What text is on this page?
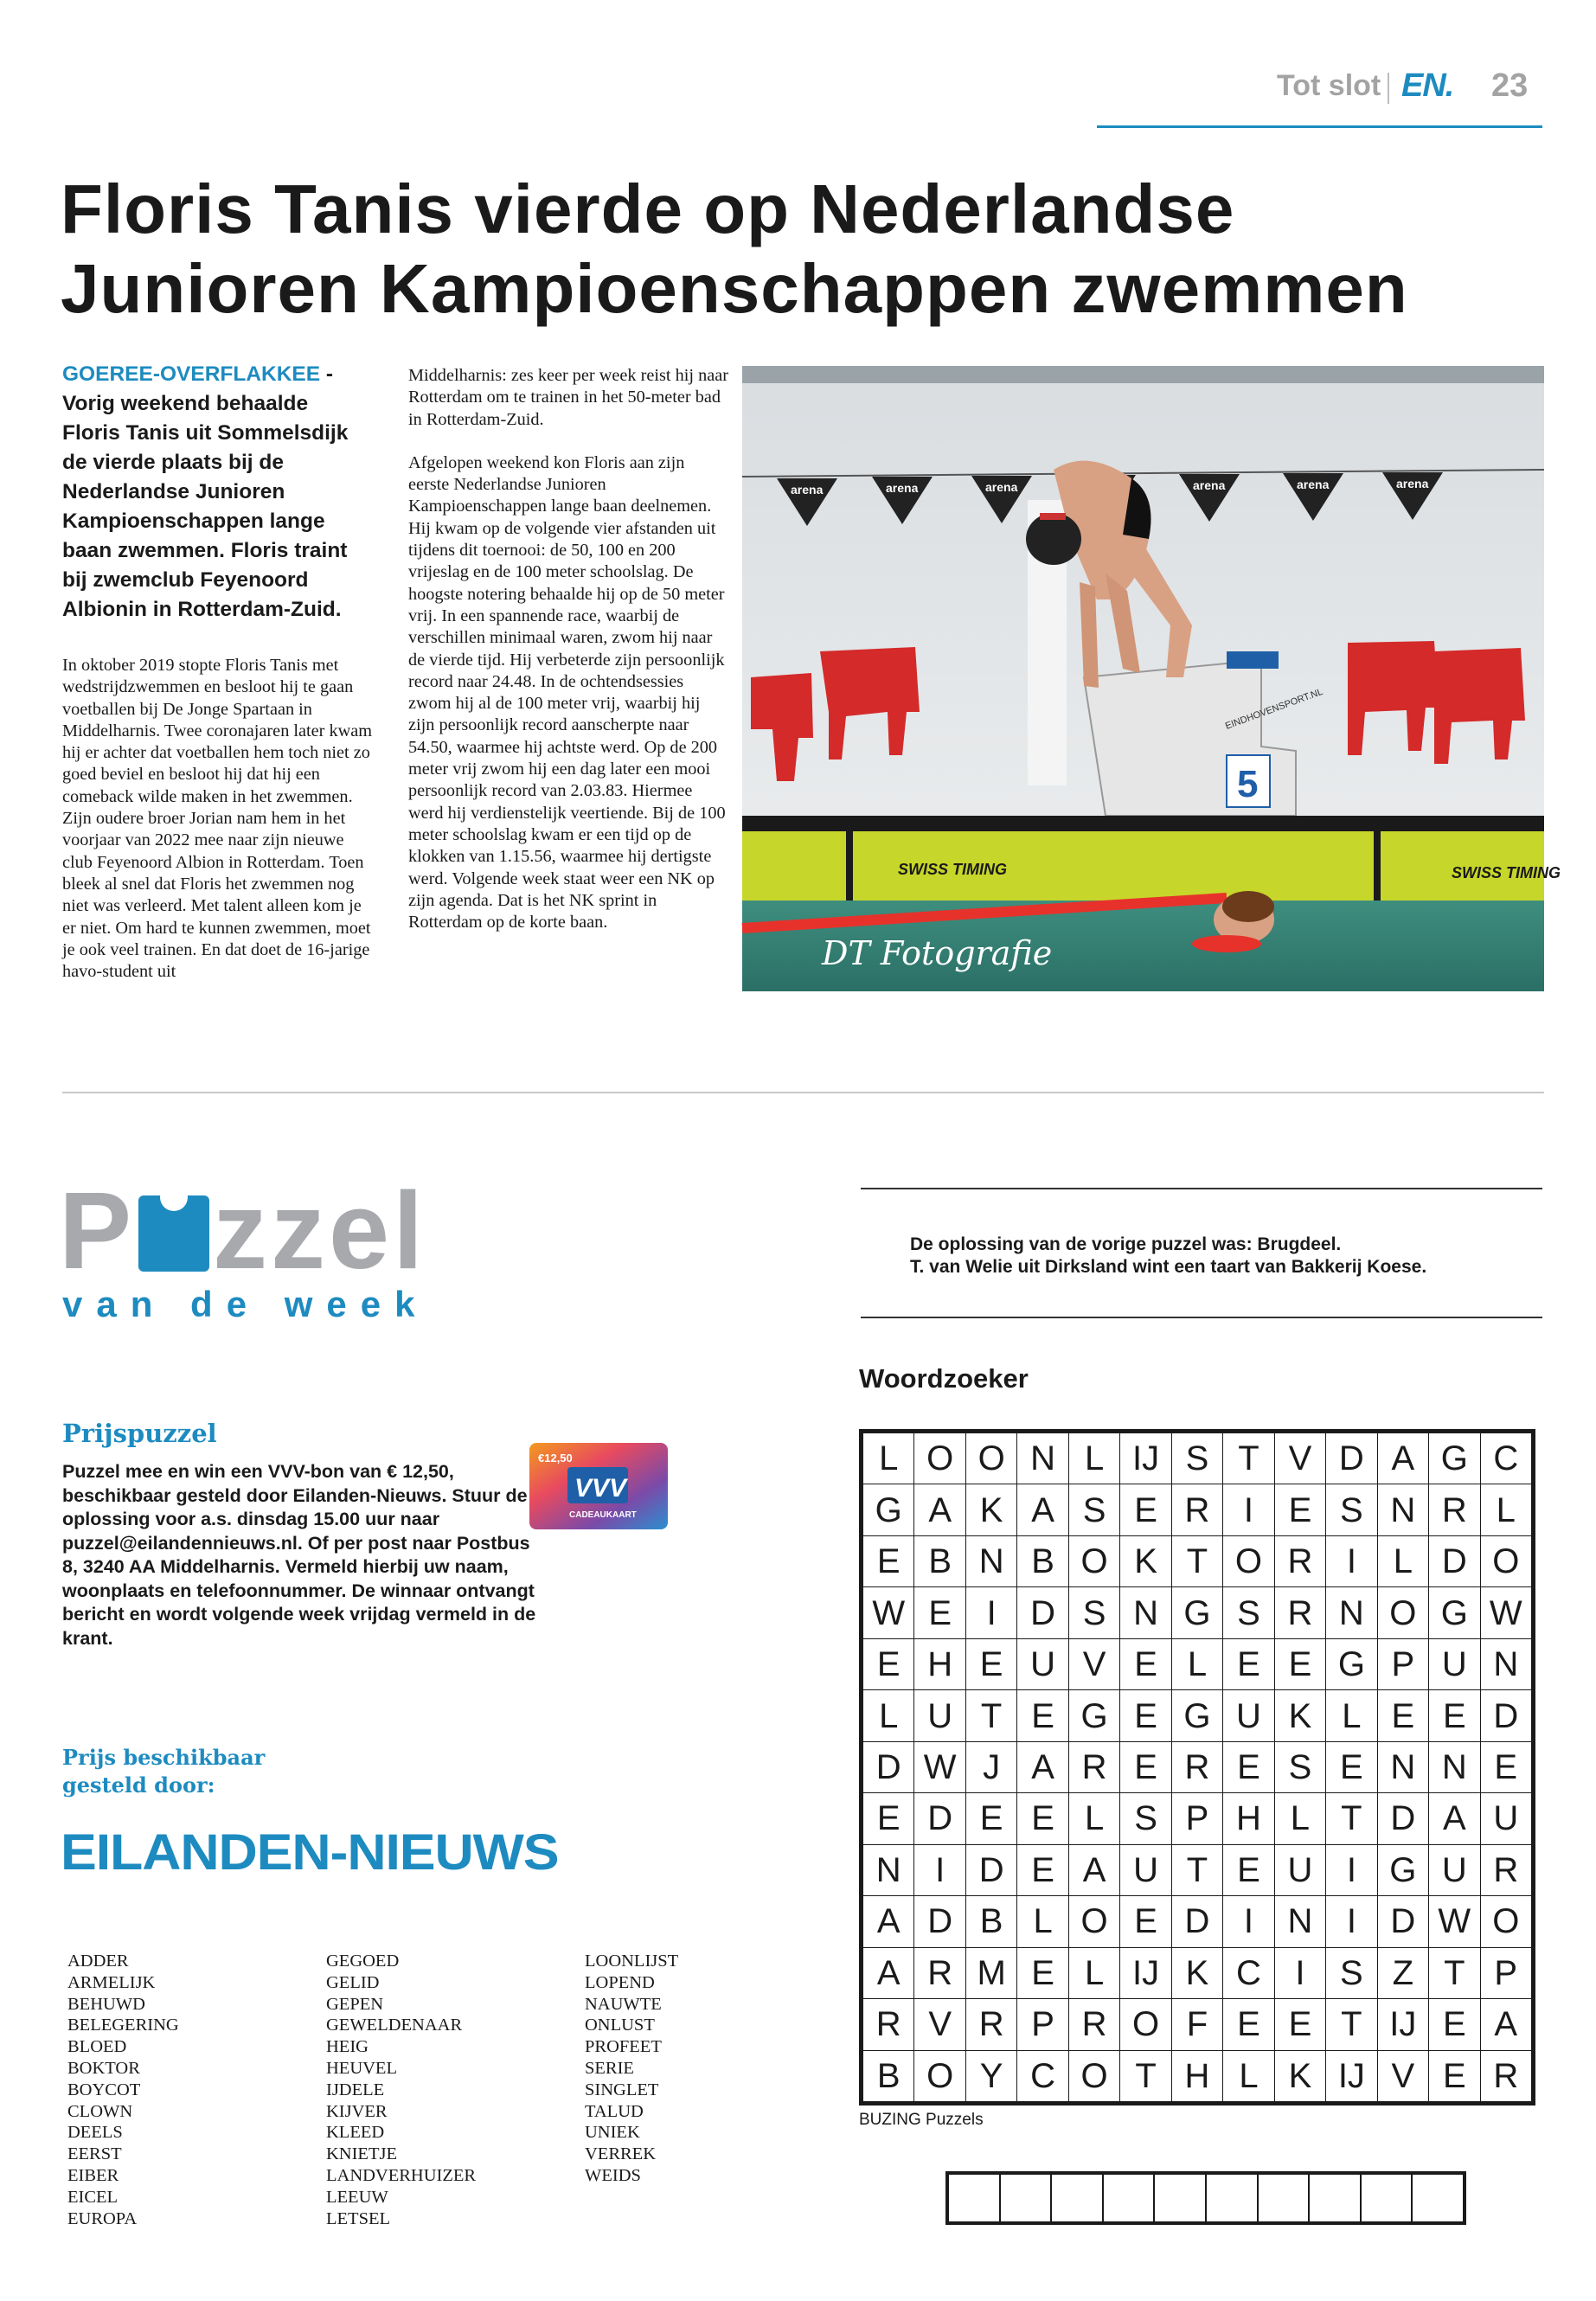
Tot slot EN. 23
Floris Tanis vierde op Nederlandse Junioren Kampioenschappen zwemmen
GOEREE-OVERFLAKKEE - Vorig weekend behaalde Floris Tanis uit Sommelsdijk de vierde plaats bij de Nederlandse Junioren Kampioenschappen lange baan zwemmen. Floris traint bij zwemclub Feyenoord Albionin in Rotterdam-Zuid.

In oktober 2019 stopte Floris Tanis met wedstrijdzwemmen en besloot hij te gaan voetballen bij De Jonge Spartaan in Middelharnis. Twee coronajaren later kwam hij er achter dat voetballen hem toch niet zo goed beviel en besloot hij dat hij een comeback wilde maken in het zwemmen. Zijn oudere broer Jorian nam hem in het voorjaar van 2022 mee naar zijn nieuwe club Feyenoord Albion in Rotterdam. Toen bleek al snel dat Floris het zwemmen nog niet was verleerd. Met talent alleen kom je er niet. Om hard te kunnen zwemmen, moet je ook veel trainen. En dat doet de 16-jarige havo-student uit

Middelharnis: zes keer per week reist hij naar Rotterdam om te trainen in het 50-meter bad in Rotterdam-Zuid.

Afgelopen weekend kon Floris aan zijn eerste Nederlandse Junioren Kampioenschappen lange baan deelnemen. Hij kwam op de volgende vier afstanden uit tijdens dit toernooi: de 50, 100 en 200 vrijeslag en de 100 meter schoolslag. De hoogste notering behaalde hij op de 50 meter vrij. In een spannende race, waarbij de verschillen minimaal waren, zwom hij naar de vierde tijd. Hij verbeterde zijn persoonlijk record naar 24.48. In de ochtendsessies zwom hij al de 100 meter vrij, waarbij hij zijn persoonlijk record aanscherpte naar 54.50, waarmee hij achtste werd. Op de 200 meter vrij zwom hij een dag later een mooi persoonlijk record van 2.03.83. Hiermee werd hij verdienstelijk veertiende. Bij de 100 meter schoolslag kwam er een tijd op de klokken van 1.15.56, waarmee hij dertigste werd. Volgende week staat weer een NK op zijn agenda. Dat is het NK sprint in Rotterdam op de korte baan.

arena	arena	arena	arena	arena	arena
EINDHOVENSPORT.NL
5
SWISS TIMING	SWISS TIMING
DT Fotografie
P zzel
van de week
Prijspuzzel
Puzzel mee en win een VVV-bon van € 12,50, beschikbaar gesteld door Eilanden-Nieuws. Stuur de oplossing voor a.s. dinsdag 15.00 uur naar puzzel@eilandennieuws.nl. Of per post naar Postbus 8, 3240 AA Middelharnis. Vermeld hierbij uw naam, woonplaats en telefoonnummer. De winnaar ontvangt bericht en wordt volgende week vrijdag vermeld in de krant.
€12,50
VVV
CADEAUKAART
Prijs beschikbaar gesteld door:
EILANDEN-NIEUWS
ADDER
ARMELIJK
BEHUWD
BELEGERING
BLOED
BOKTOR
BOYCOT
CLOWN
DEELS
EERST
EIBER
EICEL
EUROPA
GEGOED
GELID
GEPEN
GEWELDENAAR
HEIG
HEUVEL
IJDELE
KIJVER
KLEED
KNIETJE
LANDVERHUIZER
LEEUW
LETSEL
LOONLIJST
LOPEND
NAUWTE
ONLUST
PROFEET
SERIE
SINGLET
TALUD
UNIEK
VERREK
WEIDS
De oplossing van de vorige puzzel was: Brugdeel.
T. van Welie uit Dirksland wint een taart van Bakkerij Koese.
Woordzoeker
L O O N L IJ S T V D A G C
G A K A S E R I	E S N R L
E B N B O K T O R I	L D O
W E	I D S N G S R N O G W
E H E U V E L E E G P U N
L U T E G E G U K L E E D
D W J A R E R E S E N N E
E D E E L S P H L T D A U
N I D E A U T E U I G U R
A D B L O E D I N I D W O
A R M E L IJ K C I	S Z T P
R V R P R O F E E T IJ E A
B O Y C O T H L K IJ V E R
BUZING Puzzels
